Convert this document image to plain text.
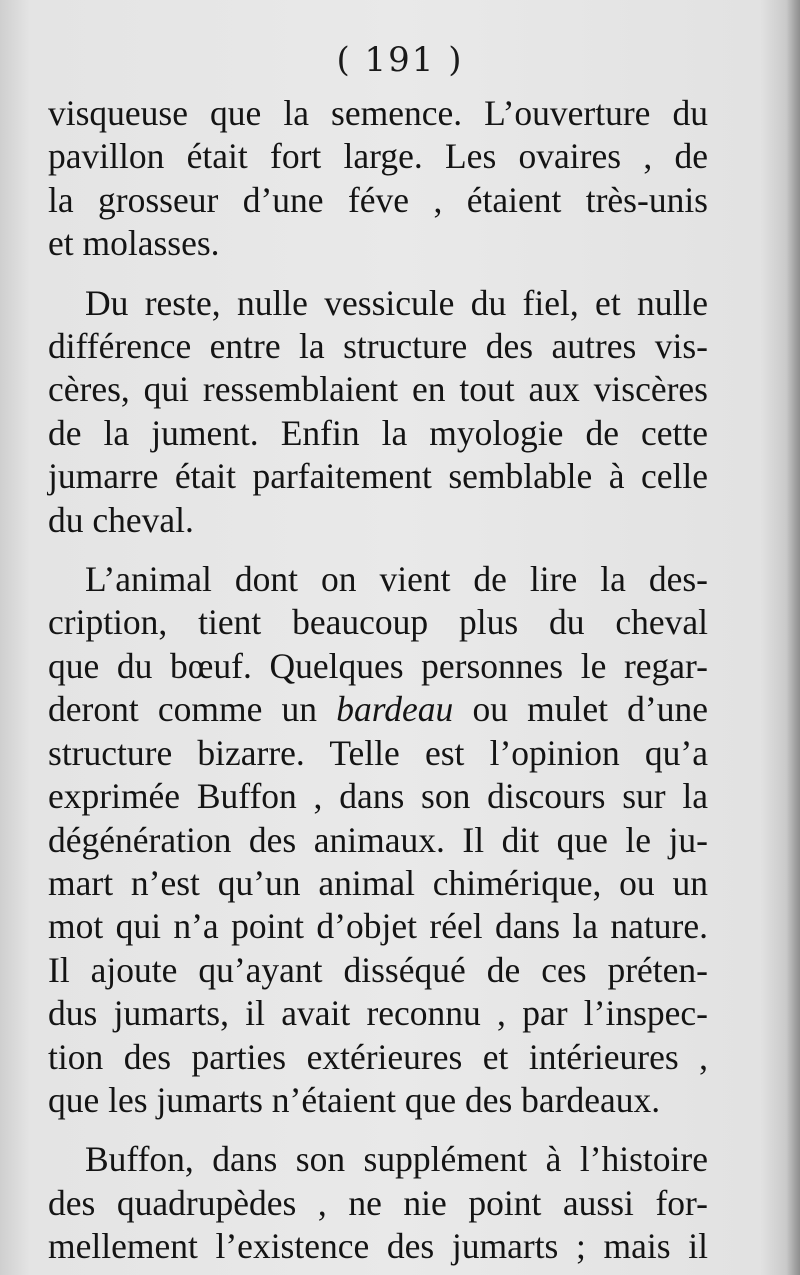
( 191 )
visqueuse que la semence. L’ouverture du
pavillon était fort large. Les ovaires , de
la grosseur d’une féve , étaient très-unis
et molasses.
Du reste, nulle vessicule du fiel, et nulle
différence entre la structure des autres vis-
cères, qui ressemblaient en tout aux viscères
de la jument. Enfin la myologie de cette
jumarre était parfaitement semblable à celle
du cheval.
L’animal dont on vient de lire la des-
cription, tient beaucoup plus du cheval
que du bœuf. Quelques personnes le regar-
deront comme un bardeau ou mulet d’une
structure bizarre. Telle est l’opinion qu’a
exprimée Buffon , dans son discours sur la
dégénération des animaux. Il dit que le ju-
mart n’est qu’un animal chimérique, ou un
mot qui n’a point d’objet réel dans la nature.
Il ajoute qu’ayant disséqué de ces préten-
dus jumarts, il avait reconnu , par l’inspec-
tion des parties extérieures et intérieures ,
que les jumarts n’étaient que des bardeaux.
Buffon, dans son supplément à l’histoire
des quadrupèdes , ne nie point aussi for-
mellement l’existence des jumarts ; mais il
